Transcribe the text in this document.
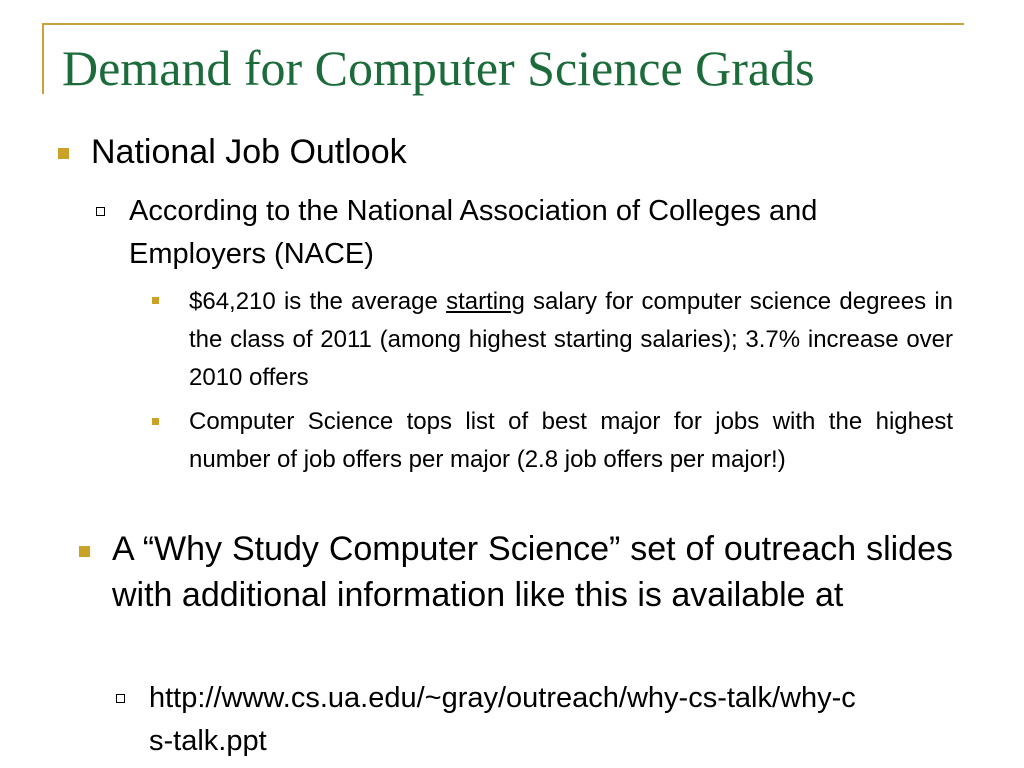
Demand for Computer Science Grads

National Job Outlook

According to the National Association of Colleges and Employers (NACE)

$64,210 is the average starting salary for computer science degrees in the class of 2011 (among highest starting salaries); 3.7% increase over 2010 offers

Computer Science tops list of best major for jobs with the highest number of job offers per major (2.8 job offers per major!)

A “Why Study Computer Science” set of outreach slides with additional information like this is available at

http://www.cs.ua.edu/~gray/outreach/why-cs-talk/why-cs-talk.ppt
